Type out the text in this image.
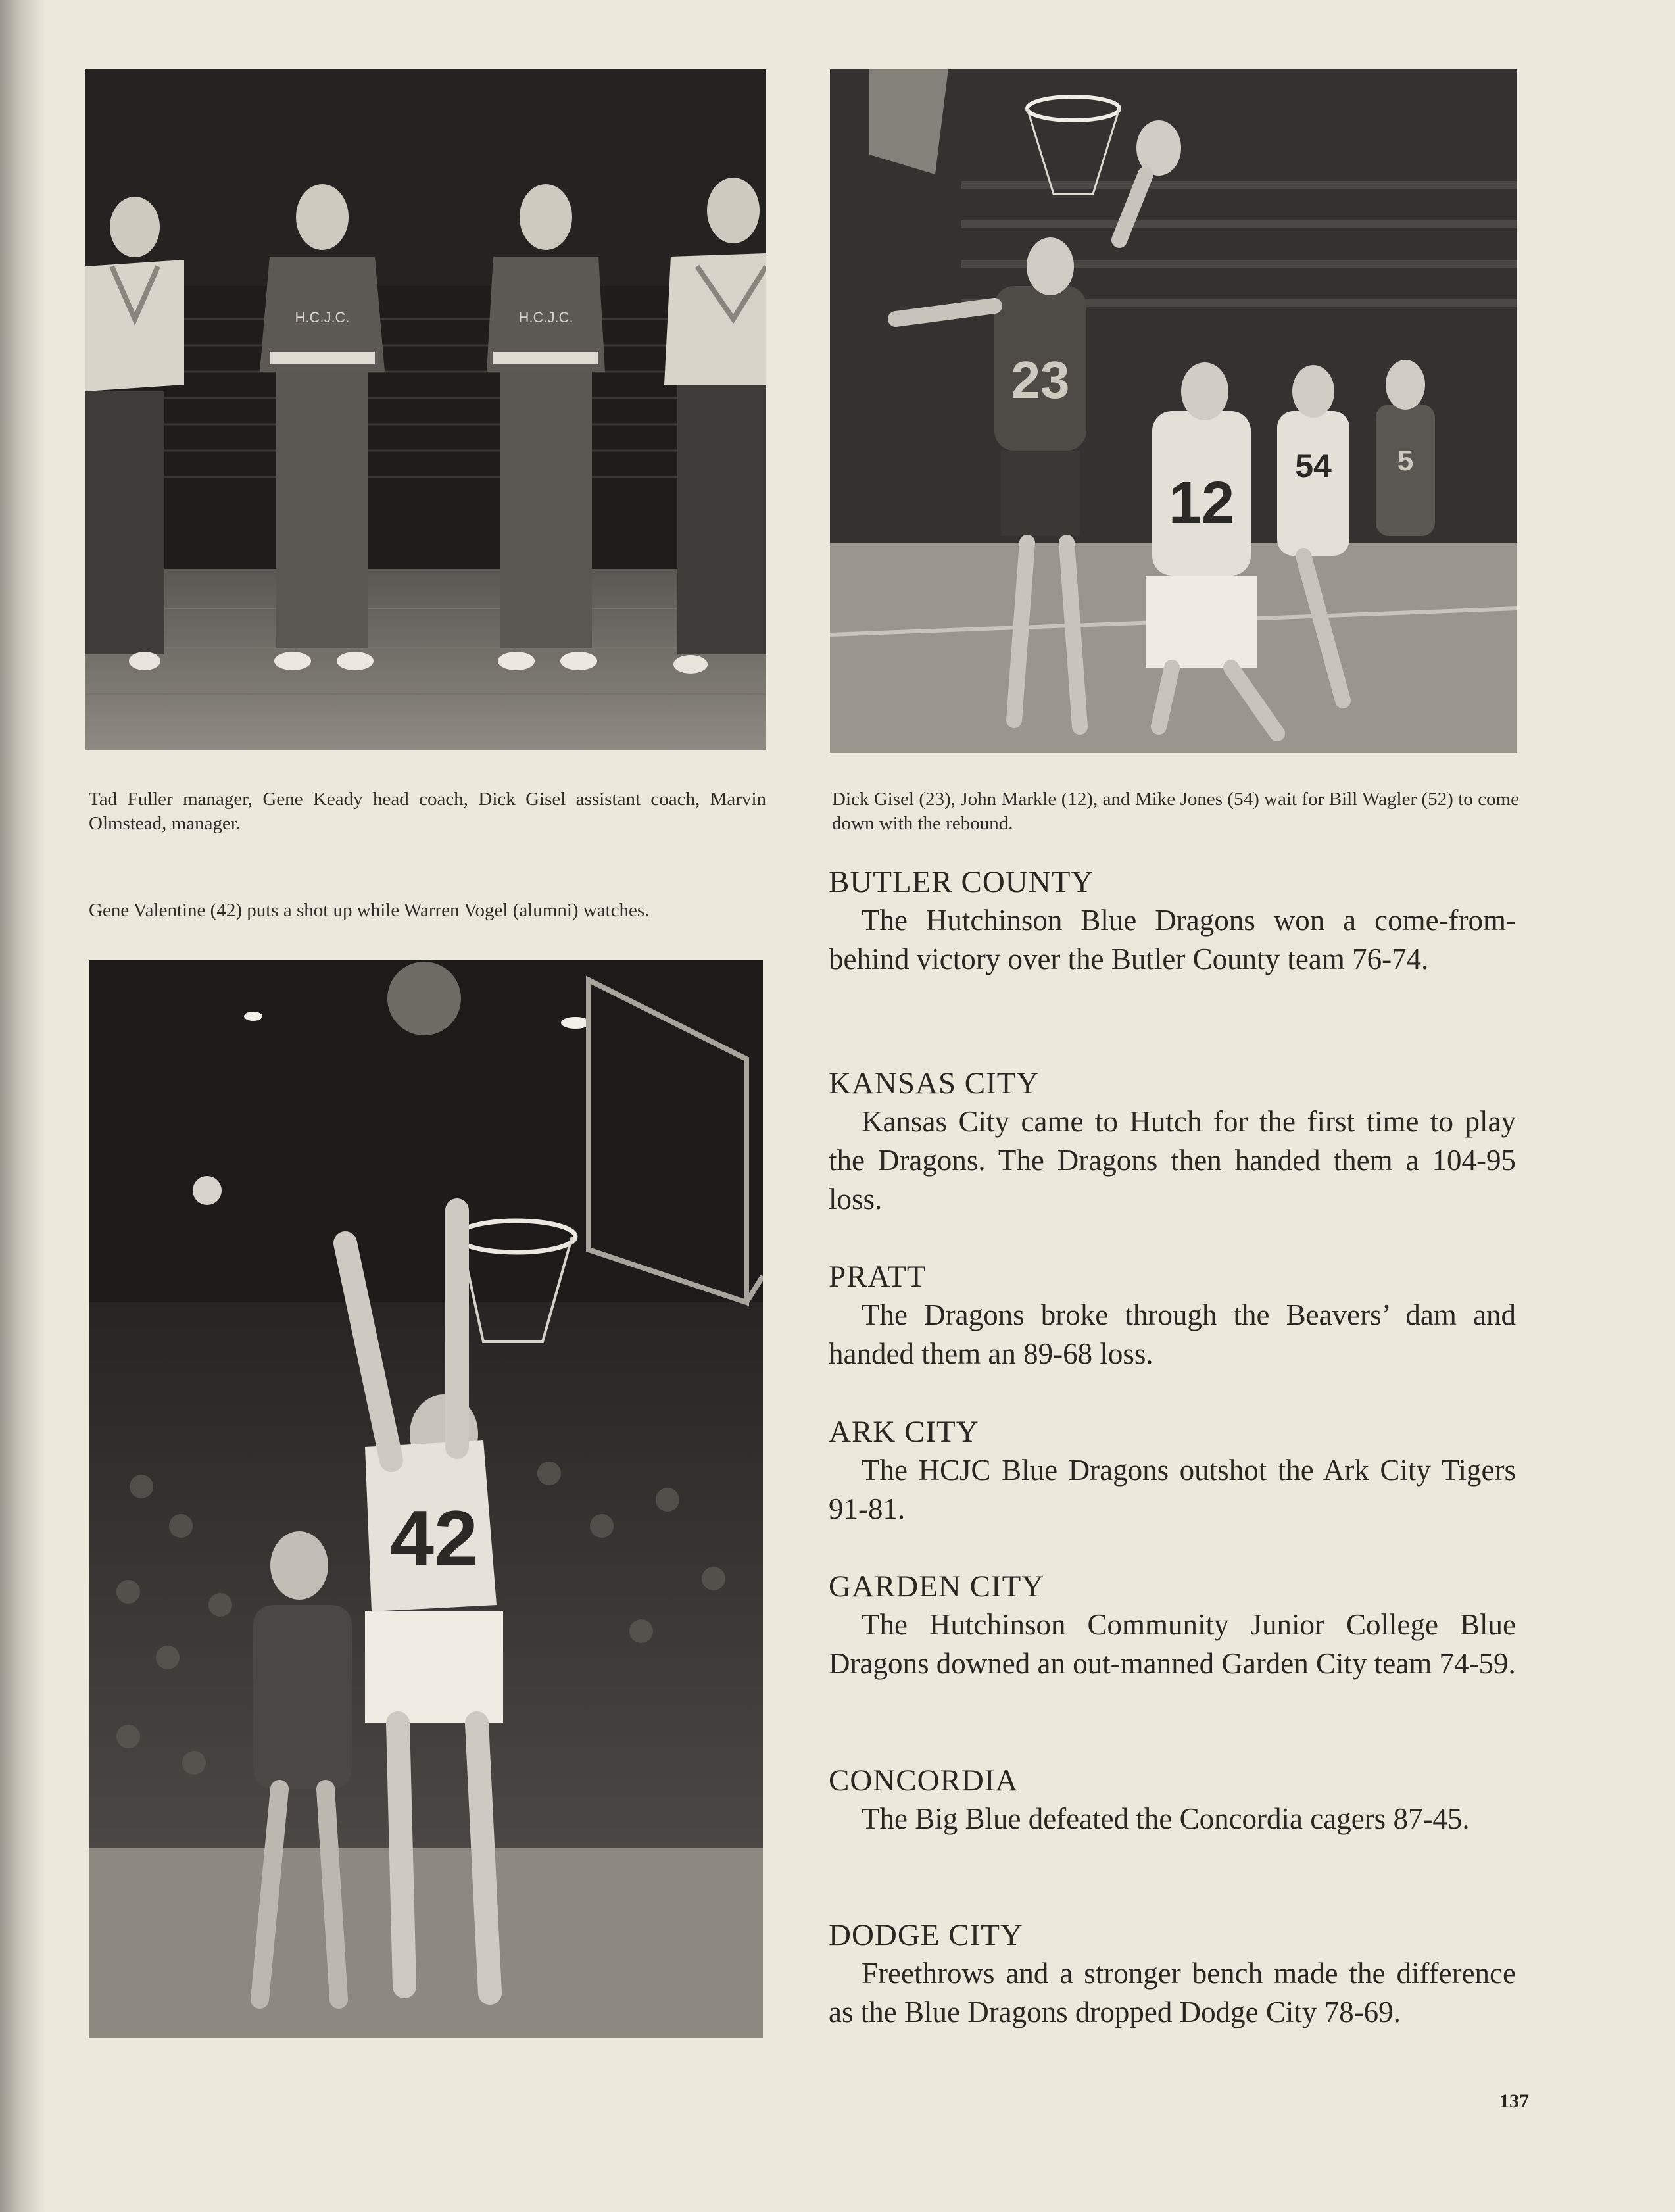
H.C.J.C.	H.C.J.C.
23
12
54 5
Tad Fuller manager, Gene Keady head coach, Dick Gisel assistant coach, Marvin Olmstead, manager.
Dick Gisel (23), John Markle (12), and Mike Jones (54) wait for Bill Wagler (52) to come down with the rebound.
Gene Valentine (42) puts a shot up while Warren Vogel (alumni) watches.
42
BUTLER COUNTY

The Hutchinson Blue Dragons won a come-from-behind victory over the Butler County team 76-74.

KANSAS CITY

Kansas City came to Hutch for the first time to play the Dragons. The Dragons then handed them a 104-95 loss.

PRATT

The Dragons broke through the Beavers’ dam and handed them an 89-68 loss.

ARK CITY

The HCJC Blue Dragons outshot the Ark City Tigers 91-81.

GARDEN CITY

The Hutchinson Community Junior College Blue Dragons downed an out-manned Garden City team 74-59.

CONCORDIA

The Big Blue defeated the Concordia cagers 87-45.

DODGE CITY

Freethrows and a stronger bench made the difference as the Blue Dragons dropped Dodge City 78-69.

137
